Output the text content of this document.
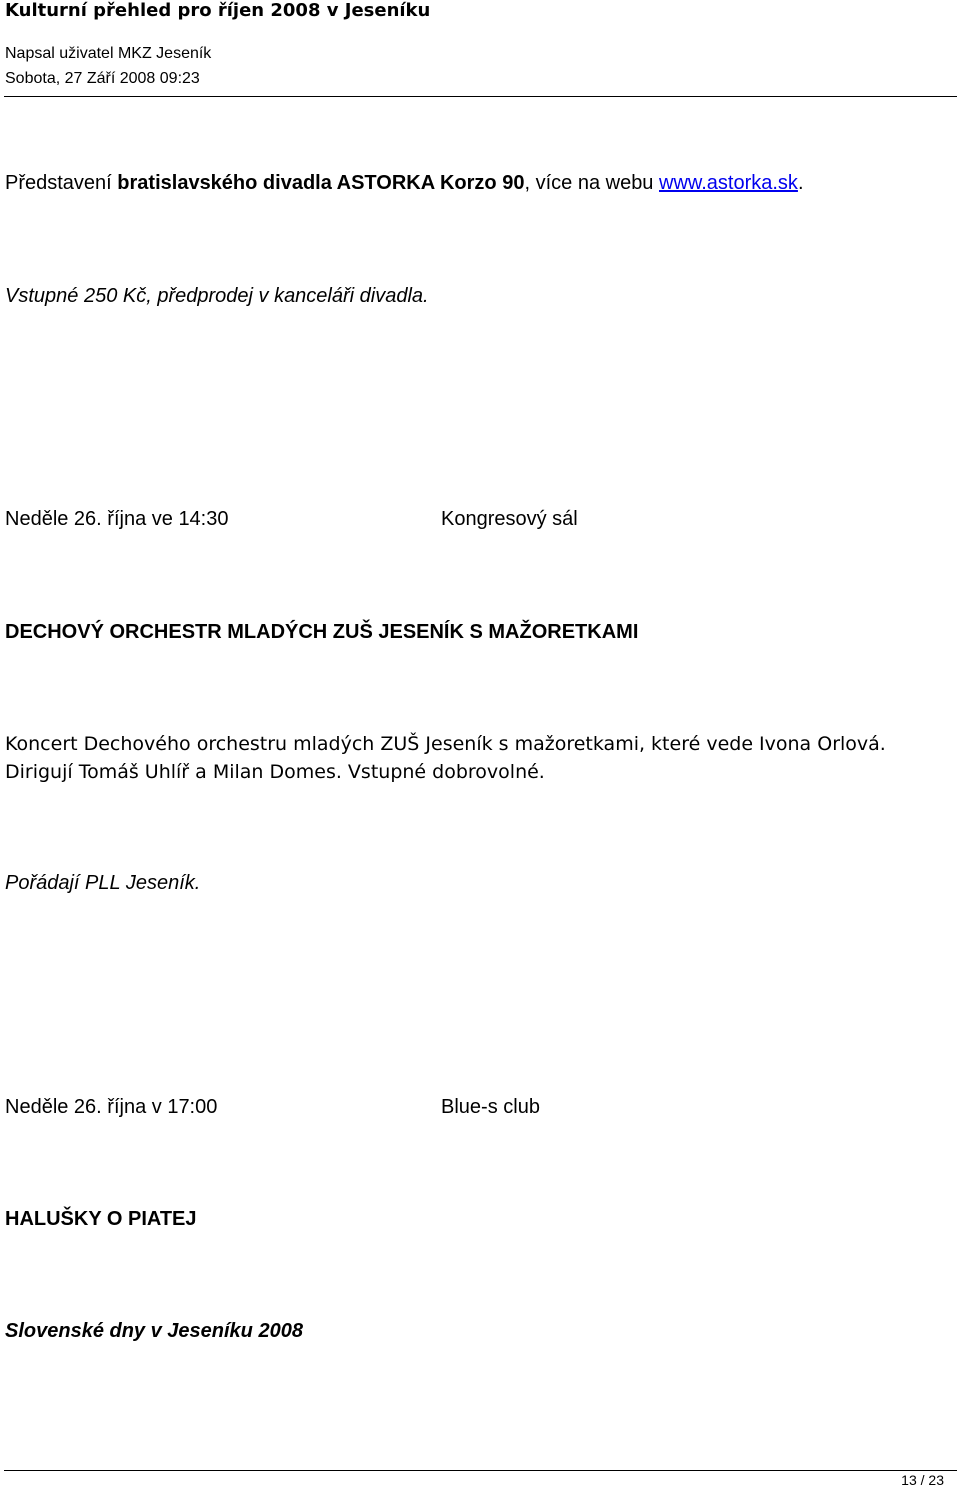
Kulturní přehled pro říjen 2008 v Jeseníku
Napsal uživatel MKZ Jeseník
Sobota, 27 Září 2008 09:23
Představení bratislavského divadla ASTORKA Korzo 90, více na webu www.astorka.sk.
Vstupné 250 Kč, předprodej v kanceláři divadla.
Neděle 26. října ve 14:30	Kongresový sál
DECHOVÝ ORCHESTR MLADÝCH ZUŠ JESENÍK S MAŽORETKAMI
Koncert Dechového orchestru mladých ZUŠ Jeseník s mažoretkami, které vede Ivona Orlová.
Dirigují Tomáš Uhlíř a Milan Domes. Vstupné dobrovolné.
Pořádají PLL Jeseník.
Neděle 26. října v 17:00	Blue-s club
HALUŠKY O PIATEJ
Slovenské dny v Jeseníku 2008
13 / 23
